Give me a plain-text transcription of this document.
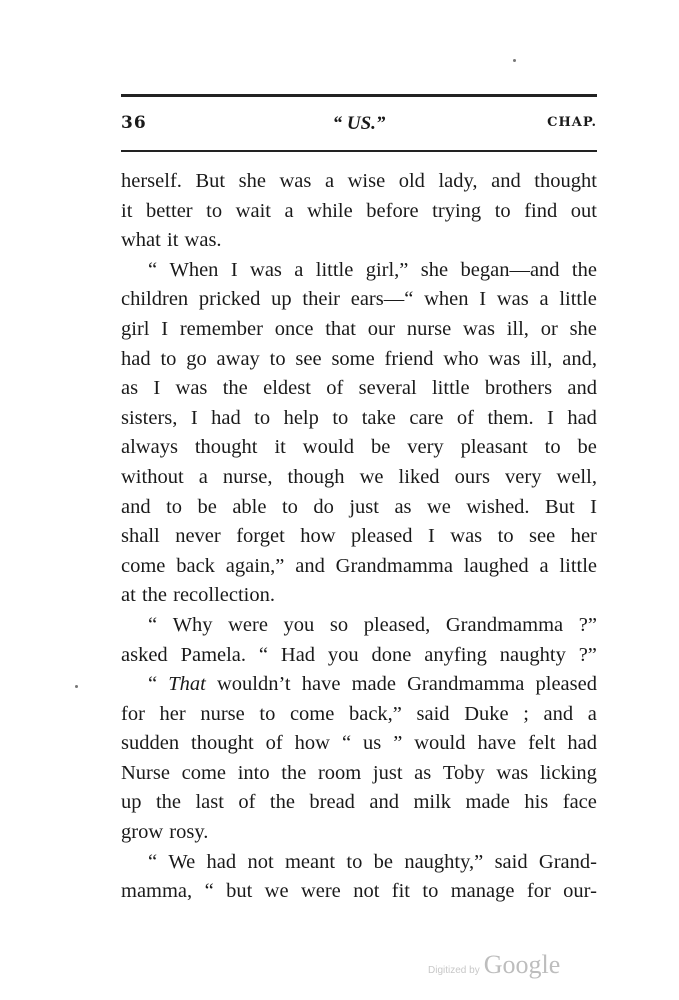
36	“ US.”	CHAP.
herself. But she was a wise old lady, and thought
it better to wait a while before trying to find out
what it was.
“ When I was a little girl,” she began—and the
children pricked up their ears—“ when I was a little
girl I remember once that our nurse was ill, or she
had to go away to see some friend who was ill, and,
as I was the eldest of several little brothers and
sisters, I had to help to take care of them. I had
always thought it would be very pleasant to be
without a nurse, though we liked ours very well,
and to be able to do just as we wished. But I
shall never forget how pleased I was to see her
come back again,” and Grandmamma laughed a little
at the recollection.
“ Why were you so pleased, Grandmamma ?”
asked Pamela. “ Had you done anyfing naughty ?”
“ That wouldn’t have made Grandmamma pleased
for her nurse to come back,” said Duke ; and a
sudden thought of how “ us ” would have felt had
Nurse come into the room just as Toby was licking
up the last of the bread and milk made his face
grow rosy.
“ We had not meant to be naughty,” said Grand-
mamma, “ but we were not fit to manage for our-
Digitized by Google
